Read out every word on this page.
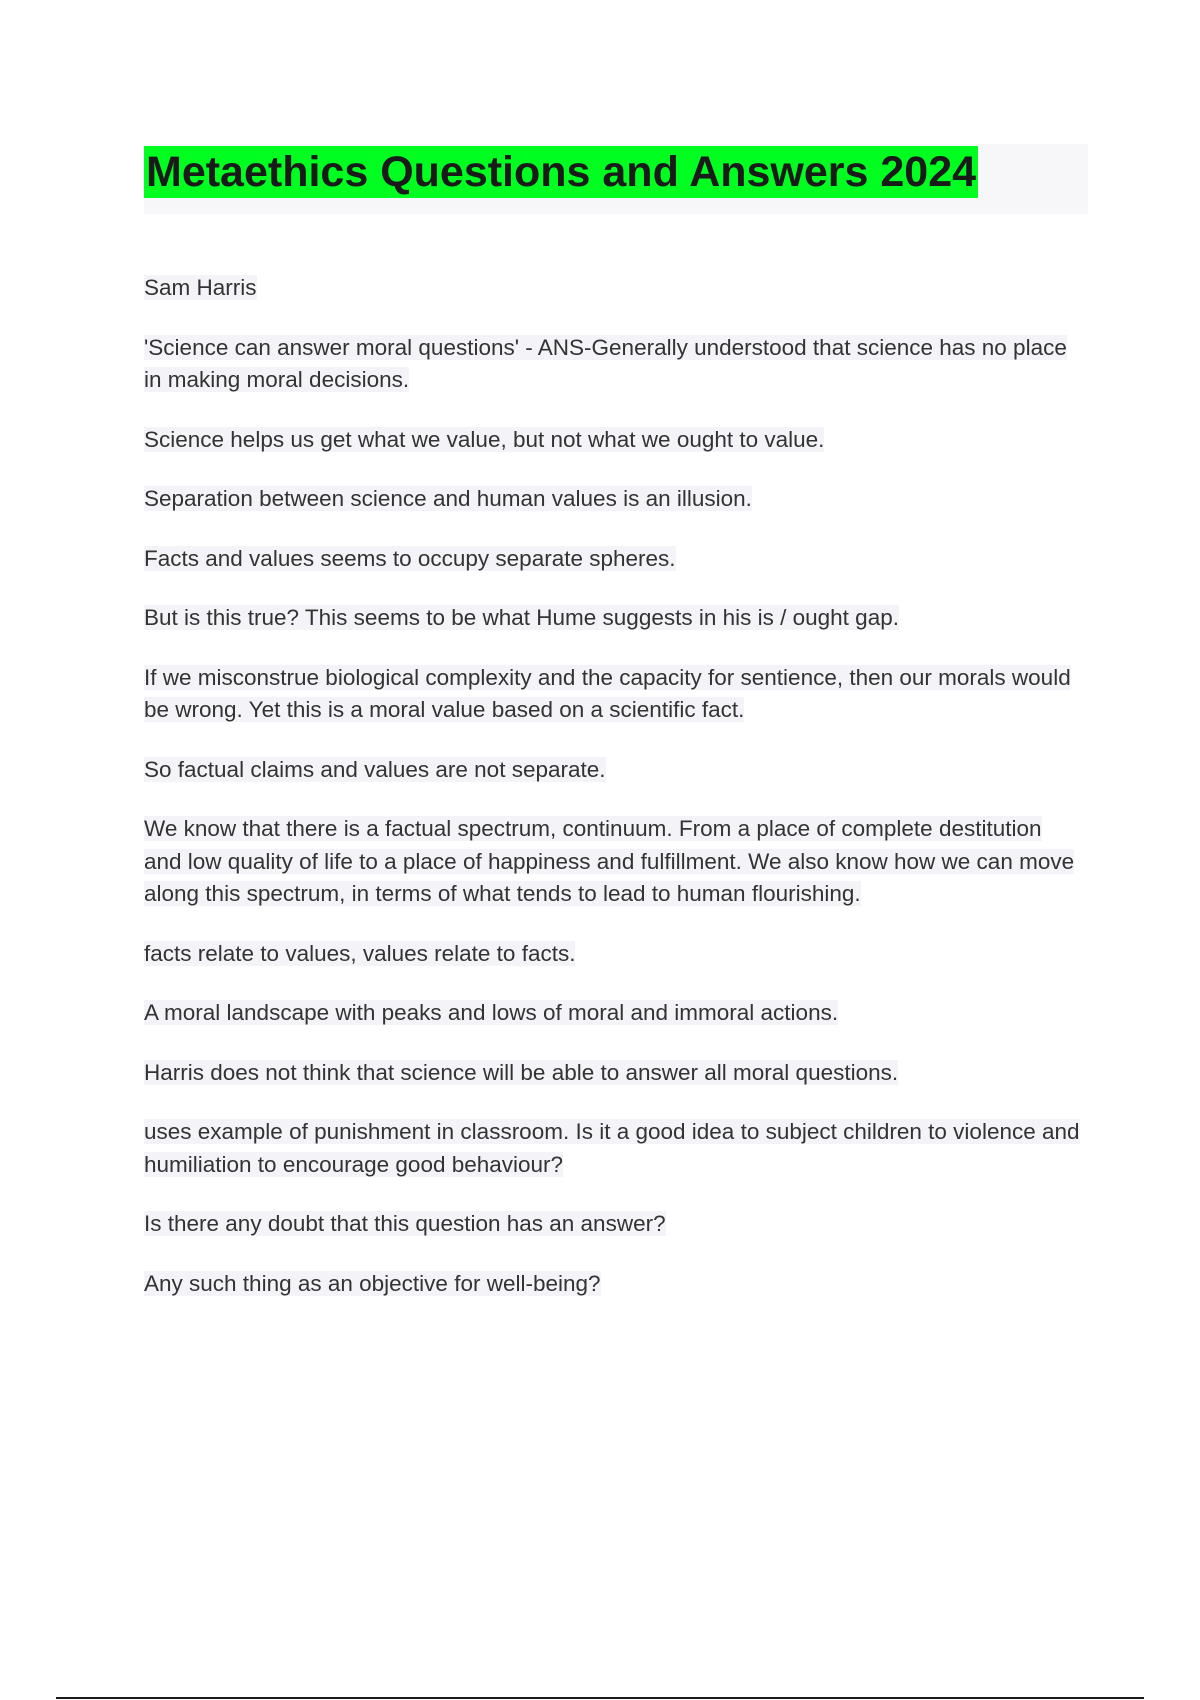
Metaethics Questions and Answers 2024

Sam Harris

'Science can answer moral questions' - ANS-Generally understood that science has no place in making moral decisions.

Science helps us get what we value, but not what we ought to value.

Separation between science and human values is an illusion.

Facts and values seems to occupy separate spheres.

But is this true? This seems to be what Hume suggests in his is / ought gap.

If we misconstrue biological complexity and the capacity for sentience, then our morals would be wrong. Yet this is a moral value based on a scientific fact.

So factual claims and values are not separate.

We know that there is a factual spectrum, continuum. From a place of complete destitution and low quality of life to a place of happiness and fulfillment. We also know how we can move along this spectrum, in terms of what tends to lead to human flourishing.

facts relate to values, values relate to facts.

A moral landscape with peaks and lows of moral and immoral actions.

Harris does not think that science will be able to answer all moral questions.

uses example of punishment in classroom. Is it a good idea to subject children to violence and humiliation to encourage good behaviour?

Is there any doubt that this question has an answer?

Any such thing as an objective for well-being?
